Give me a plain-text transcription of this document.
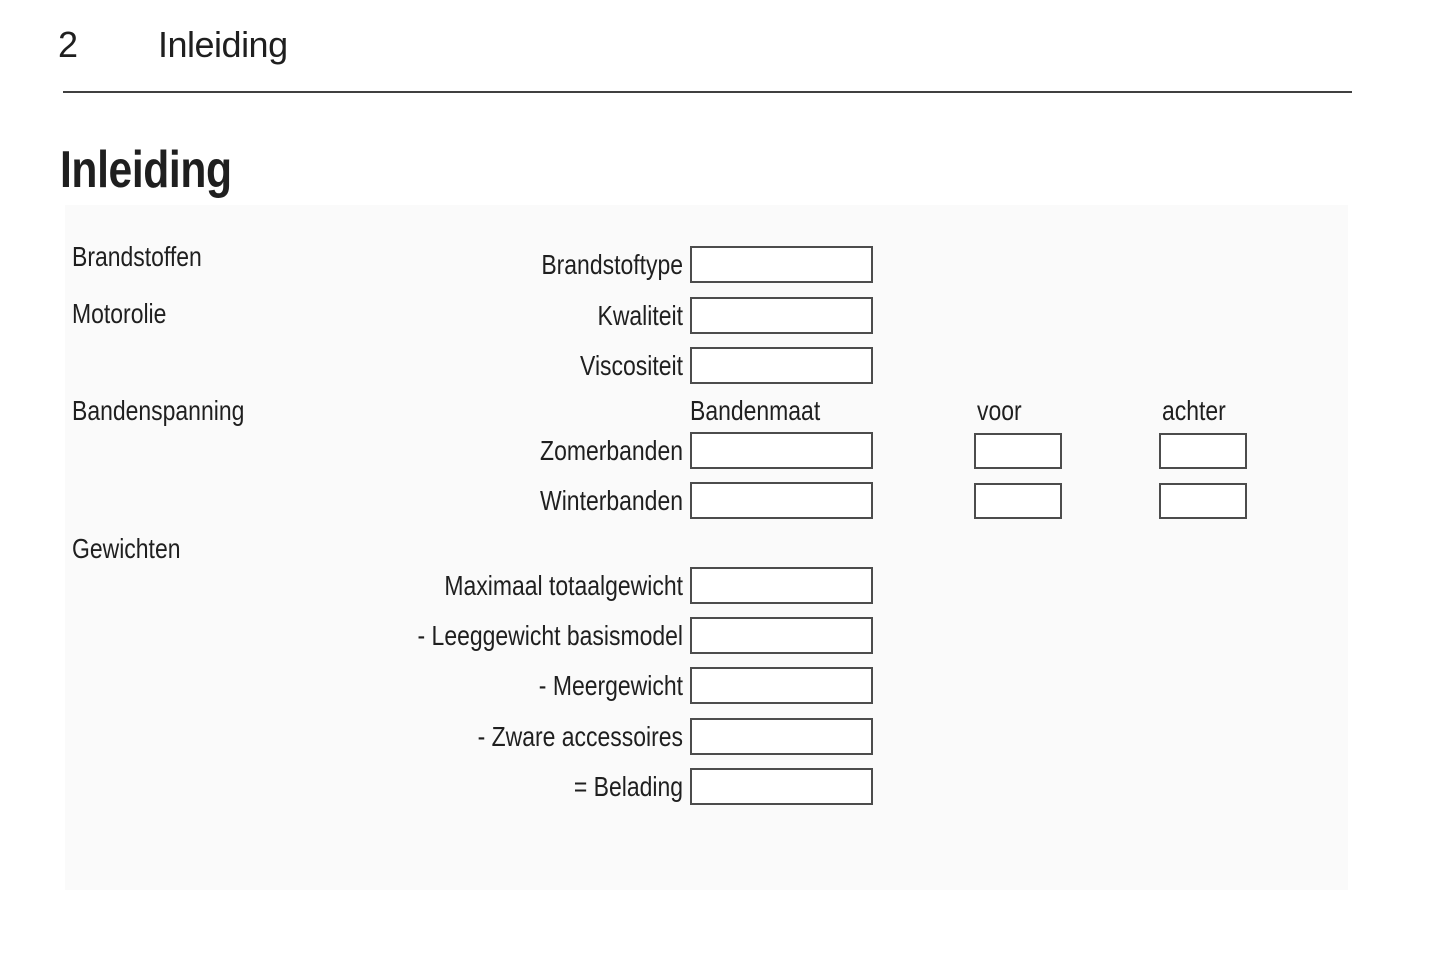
2 Inleiding
Inleiding
Brandstoffen
Motorolie
Bandenspanning
Gewichten
Brandstoftype
Kwaliteit
Viscositeit
Bandenmaat	voor	achter
Zomerbanden
Winterbanden
Maximaal totaalgewicht
- Leeggewicht basismodel
- Meergewicht
- Zware accessoires
= Belading
